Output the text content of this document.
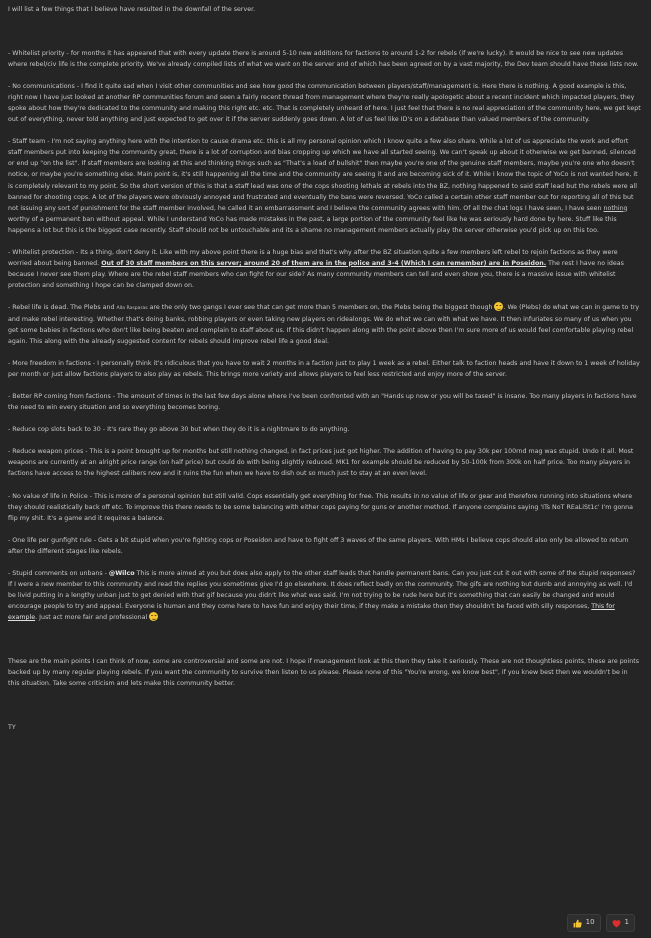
I will list a few things that I believe have resulted in the downfall of the server.

- Whitelist priority - for months it has appeared that with every update there is around 5-10 new additions for factions to around 1-2 for rebels (if we're lucky). It would be nice to see new updates where rebel/civ life is the complete priority. We've already compiled lists of what we want on the server and of which has been agreed on by a vast majority, the Dev team should have these lists now.

- No communications - I find it quite sad when I visit other communities and see how good the communication between players/staff/management is. Here there is nothing. A good example is this, right now I have just looked at another RP communities forum and seen a fairly recent thread from management where they're really apologetic about a recent incident which impacted players, they spoke about how they're dedicated to the community and making this right etc. etc. That is completely unheard of here. I just feel that there is no real appreciation of the community here, we get kept out of everything, never told anything and just expected to get over it if the server suddenly goes down. A lot of us feel like ID's on a database than valued members of the community.

- Staff team - I'm not saying anything here with the intention to cause drama etc. this is all my personal opinion which I know quite a few also share. While a lot of us appreciate the work and effort staff members put into keeping the community great, there is a lot of corruption and bias cropping up which we have all started seeing. We can't speak up about it otherwise we get banned, silenced or end up "on the list". If staff members are looking at this and thinking things such as "That's a load of bullshit" then maybe you're one of the genuine staff members, maybe you're one who doesn't notice, or maybe you're something else. Main point is, it's still happening all the time and the community are seeing it and are becoming sick of it. While I know the topic of YoCo is not wanted here, it is completely relevant to my point. So the short version of this is that a staff lead was one of the cops shooting lethals at rebels into the BZ, nothing happened to said staff lead but the rebels were all banned for shooting cops. A lot of the players were obviously annoyed and frustrated and eventually the bans were reversed. YoCo called a certain other staff member out for reporting all of this but not issuing any sort of punishment for the staff member involved, he called it an embarrassment and I believe the community agrees with him. Of all the chat logs I have seen, I have seen nothing worthy of a permanent ban without appeal. While I understand YoCo has made mistakes in the past, a large portion of the community feel like he was seriously hard done by here. Stuff like this happens a lot but this is the biggest case recently. Staff should not be untouchable and its a shame no management members actually play the server otherwise you'd pick up on this too.

- Whitelist protection - Its a thing, don't deny it. Like with my above point there is a huge bias and that's why after the BZ situation quite a few members left rebel to rejoin factions as they were worried about being banned. Out of 30 staff members on this server; around 20 of them are in the police and 3-4 (Which I can remember) are in Poseidon. The rest I have no ideas because I never see them play. Where are the rebel staff members who can fight for our side? As many community members can tell and even show you, there is a massive issue with whitelist protection and something I hope can be clamped down on.

- Rebel life is dead. The Plebs and Alla Rasparas are the only two gangs I ever see that can get more than 5 members on, the Plebs being the biggest though . We (Plebs) do what we can in game to try and make rebel interesting. Whether that's doing banks, robbing players or even taking new players on ridealongs. We do what we can with what we have. It then infuriates so many of us when you get some babies in factions who don't like being beaten and complain to staff about us. If this didn't happen along with the point above then I'm sure more of us would feel comfortable playing rebel again. This along with the already suggested content for rebels should improve rebel life a good deal.

- More freedom in factions - I personally think it's ridiculous that you have to wait 2 months in a faction just to play 1 week as a rebel. Either talk to faction heads and have it down to 1 week of holiday per month or just allow factions players to also play as rebels. This brings more variety and allows players to feel less restricted and enjoy more of the server.

- Better RP coming from factions - The amount of times in the last few days alone where I've been confronted with an "Hands up now or you will be tased" is insane. Too many players in factions have the need to win every situation and so everything becomes boring.

- Reduce cop slots back to 30 - It's rare they go above 30 but when they do it is a nightmare to do anything.

- Reduce weapon prices - This is a point brought up for months but still nothing changed, in fact prices just got higher. The addition of having to pay 30k per 100rnd mag was stupid. Undo it all. Most weapons are currently at an alright price range (on half price) but could do with being slightly reduced. MK1 for example should be reduced by 50-100k from 300k on half price. Too many players in factions have access to the highest calibers now and it ruins the fun when we have to dish out so much just to stay at an even level.

- No value of life in Police - This is more of a personal opinion but still valid. Cops essentially get everything for free. This results in no value of life or gear and therefore running into situations where they should realistically back off etc. To improve this there needs to be some balancing with either cops paying for guns or another method. If anyone complains saying 'ITs NoT REaLiSt1c' I'm gonna flip my shit. It's a game and it requires a balance.

- One life per gunfight rule - Gets a bit stupid when you're fighting cops or Poseidon and have to fight off 3 waves of the same players. With HMs I believe cops should also only be allowed to return after the different stages like rebels.

- Stupid comments on unbans - @Wilco This is more aimed at you but does also apply to the other staff leads that handle permanent bans. Can you just cut it out with some of the stupid responses? If I were a new member to this community and read the replies you sometimes give I'd go elsewhere. It does reflect badly on the community. The gifs are nothing but dumb and annoying as well. I'd be livid putting in a lengthy unban just to get denied with that gif because you didn't like what was said. I'm not trying to be rude here but it's something that can easily be changed and would encourage people to try and appeal. Everyone is human and they come here to have fun and enjoy their time, if they make a mistake then they shouldn't be faced with silly responses, This for example. Just act more fair and professional

These are the main points I can think of now, some are controversial and some are not. I hope if management look at this then they take it seriously. These are not thoughtless points, these are points backed up by many regular playing rebels. If you want the community to survive then listen to us please. Please none of this "You're wrong, we know best", if you knew best then we wouldn't be in this situation. Take some criticism and lets make this community better.

TY

10	1
